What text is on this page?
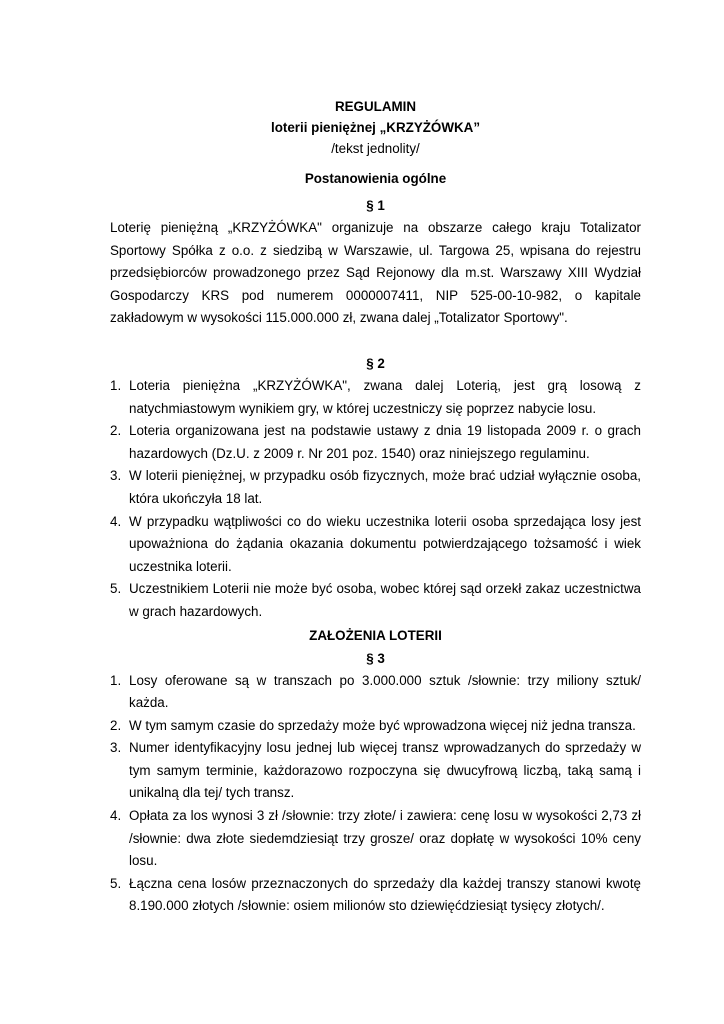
REGULAMIN
loterii pieniężnej „KRZYŻÓWKA”
/tekst jednolity/
Postanowienia ogólne
§ 1

Loterię pieniężną „KRZYŻÓWKA" organizuje na obszarze całego kraju Totalizator Sportowy Spółka z o.o. z siedzibą w Warszawie, ul. Targowa 25, wpisana do rejestru przedsiębiorców prowadzonego przez Sąd Rejonowy dla m.st. Warszawy XIII Wydział Gospodarczy KRS pod numerem 0000007411, NIP 525-00-10-982, o kapitale zakładowym w wysokości 115.000.000 zł, zwana dalej „Totalizator Sportowy".

§ 2
1. Loteria pieniężna „KRZYŻÓWKA", zwana dalej Loterią, jest grą losową z natychmiastowym wynikiem gry, w której uczestniczy się poprzez nabycie losu.
2. Loteria organizowana jest na podstawie ustawy z dnia 19 listopada 2009 r. o grach hazardowych (Dz.U. z 2009 r. Nr 201 poz. 1540) oraz niniejszego regulaminu.
3. W loterii pieniężnej, w przypadku osób fizycznych, może brać udział wyłącznie osoba, która ukończyła 18 lat.
4. W przypadku wątpliwości co do wieku uczestnika loterii osoba sprzedająca losy jest upoważniona do żądania okazania dokumentu potwierdzającego tożsamość i wiek uczestnika loterii.
5. Uczestnikiem Loterii nie może być osoba, wobec której sąd orzekł zakaz uczestnictwa w grach hazardowych.
ZAŁOŻENIA LOTERII
§ 3
1. Losy oferowane są w transzach po 3.000.000 sztuk /słownie: trzy miliony sztuk/ każda.
2. W tym samym czasie do sprzedaży może być wprowadzona więcej niż jedna transza.
3. Numer identyfikacyjny losu jednej lub więcej transz wprowadzanych do sprzedaży w tym samym terminie, każdorazowo rozpoczyna się dwucyfrową liczbą, taką samą i unikalną dla tej/ tych transz.
4. Opłata za los wynosi 3 zł /słownie: trzy złote/ i zawiera: cenę losu w wysokości 2,73 zł /słownie: dwa złote siedemdziesiąt trzy grosze/ oraz dopłatę w wysokości 10% ceny losu.
5. Łączna cena losów przeznaczonych do sprzedaży dla każdej transzy stanowi kwotę 8.190.000 złotych /słownie: osiem milionów sto dziewięćdziesiąt tysięcy złotych/.
